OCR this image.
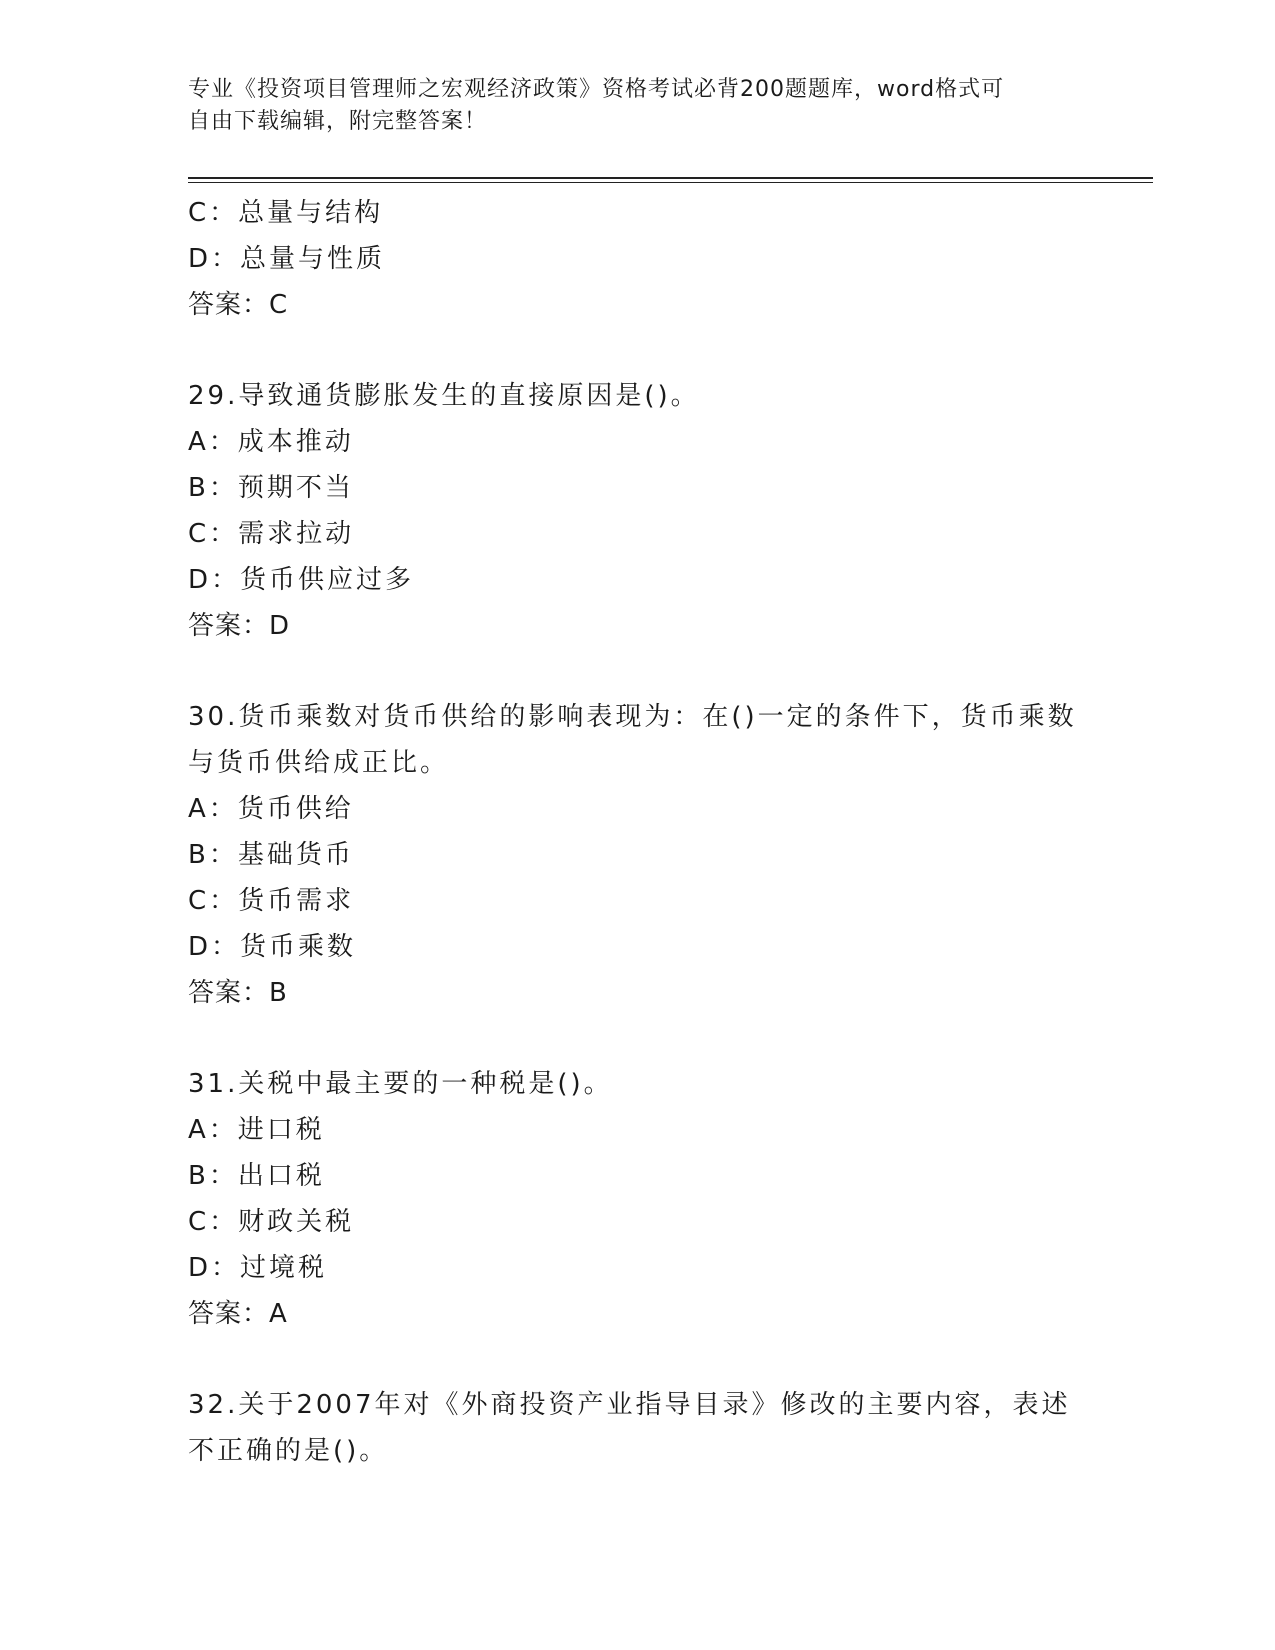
专业《投资项目管理师之宏观经济政策》资格考试必背200题题库，word格式可
自由下载编辑，附完整答案！
C：总量与结构
D：总量与性质
答案：C
29.导致通货膨胀发生的直接原因是()。
A：成本推动
B：预期不当
C：需求拉动
D：货币供应过多
答案：D
30.货币乘数对货币供给的影响表现为：在()一定的条件下，货币乘数
与货币供给成正比。
A：货币供给
B：基础货币
C：货币需求
D：货币乘数
答案：B
31.关税中最主要的一种税是()。
A：进口税
B：出口税
C：财政关税
D：过境税
答案：A
32.关于2007年对《外商投资产业指导目录》修改的主要内容，表述
不正确的是()。
